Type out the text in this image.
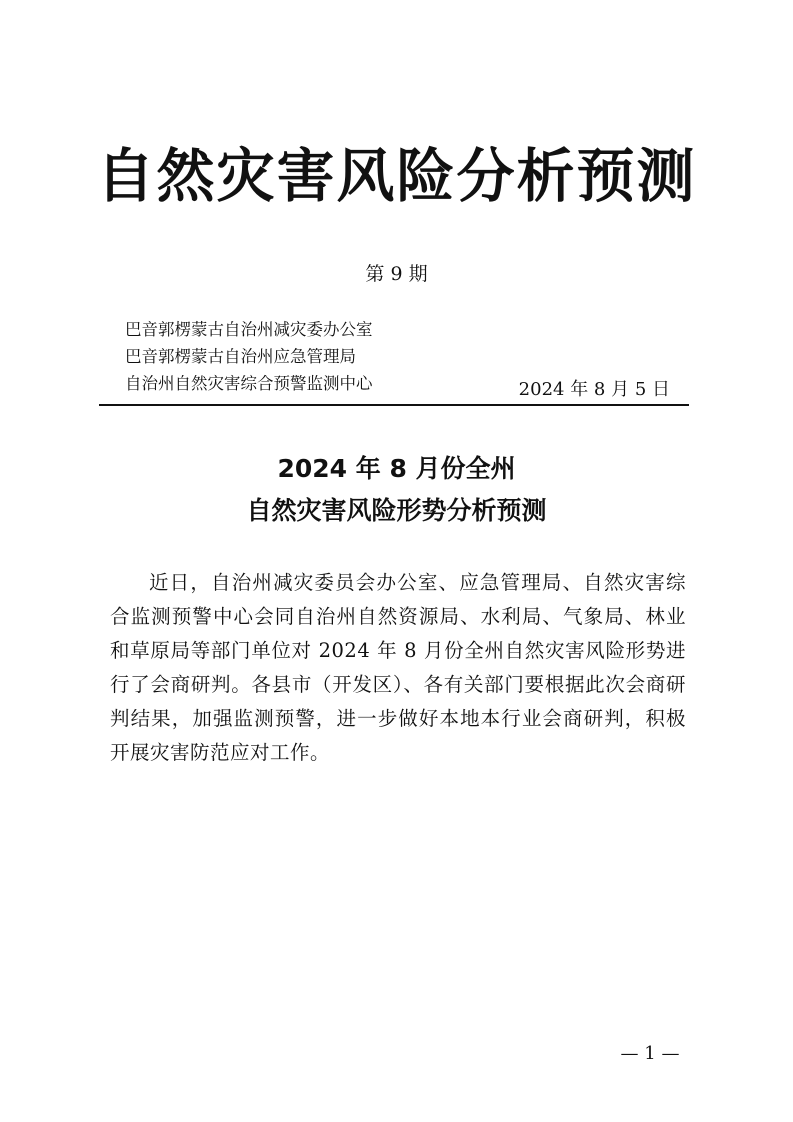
自然灾害风险分析预测
第 9 期
巴音郭楞蒙古自治州减灾委办公室
巴音郭楞蒙古自治州应急管理局
自治州自然灾害综合预警监测中心	2024 年 8 月 5 日
2024 年 8 月份全州
自然灾害风险形势分析预测
近日，自治州减灾委员会办公室、应急管理局、自然灾害综合监测预警中心会同自治州自然资源局、水利局、气象局、林业和草原局等部门单位对 2024 年 8 月份全州自然灾害风险形势进行了会商研判。各县市（开发区）、各有关部门要根据此次会商研判结果，加强监测预警，进一步做好本地本行业会商研判，积极开展灾害防范应对工作。
— 1 —
